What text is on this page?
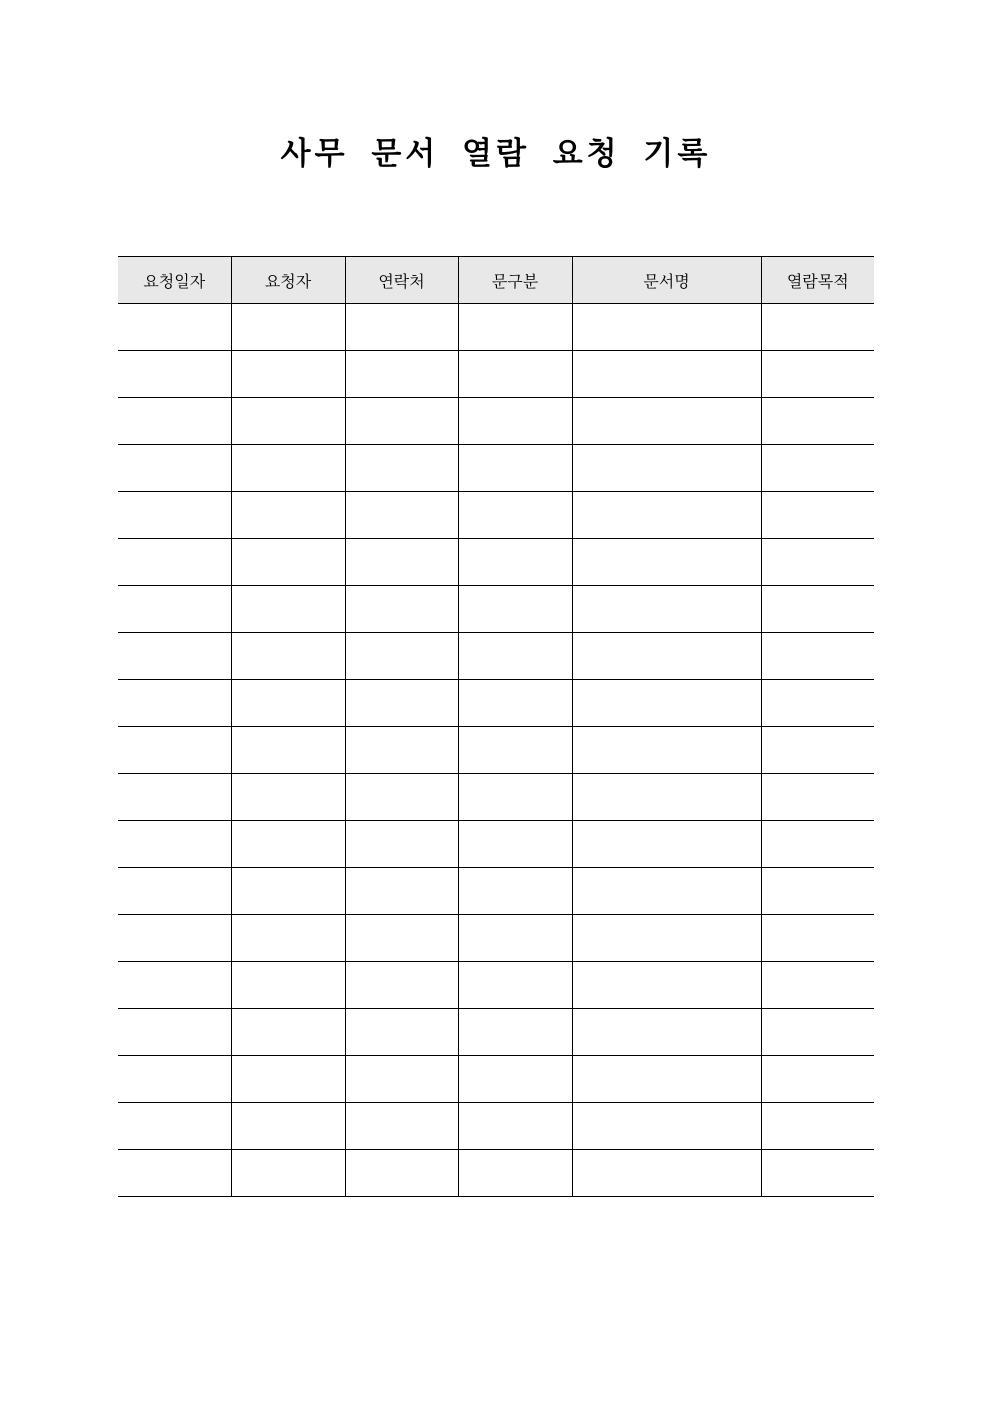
사무 문서 열람 요청 기록
요청일자	요청자	연락처	문구분	문서명	열람목적
